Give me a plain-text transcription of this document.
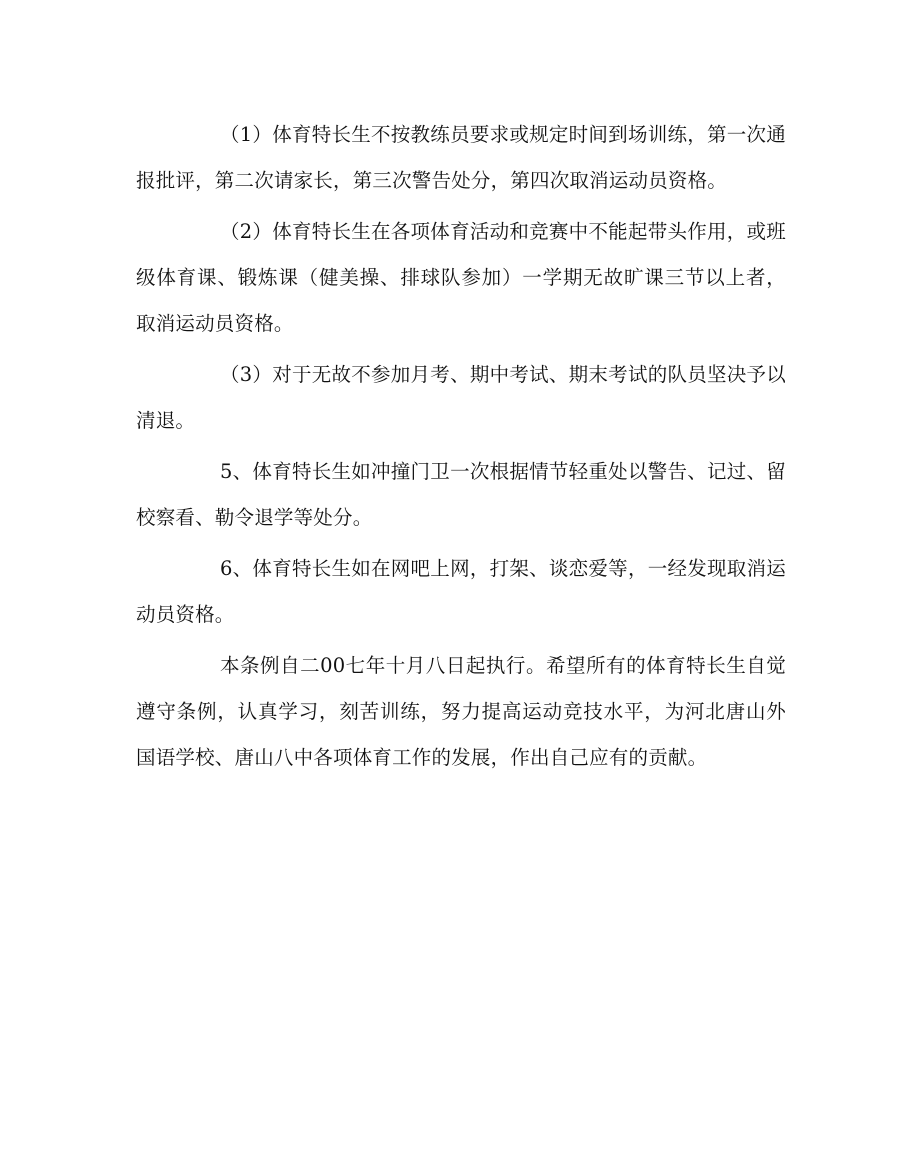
（1）体育特长生不按教练员要求或规定时间到场训练，第一次通报批评，第二次请家长，第三次警告处分，第四次取消运动员资格。

（2）体育特长生在各项体育活动和竞赛中不能起带头作用，或班级体育课、锻炼课（健美操、排球队参加）一学期无故旷课三节以上者，取消运动员资格。

（3）对于无故不参加月考、期中考试、期末考试的队员坚决予以清退。

5、体育特长生如冲撞门卫一次根据情节轻重处以警告、记过、留校察看、勒令退学等处分。

6、体育特长生如在网吧上网，打架、谈恋爱等，一经发现取消运动员资格。

本条例自二00七年十月八日起执行。希望所有的体育特长生自觉遵守条例，认真学习，刻苦训练，努力提高运动竞技水平，为河北唐山外国语学校、唐山八中各项体育工作的发展，作出自己应有的贡献。
